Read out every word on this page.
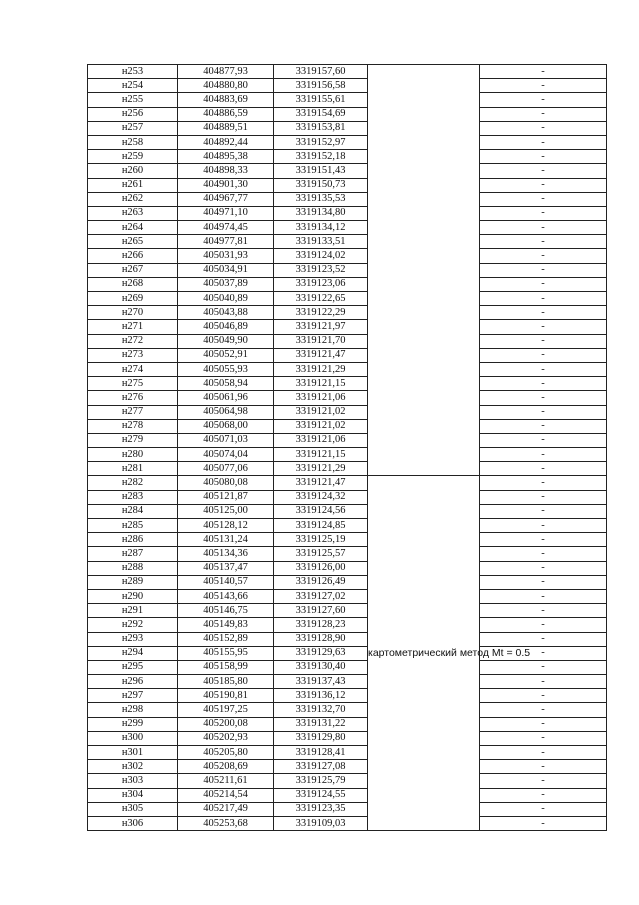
н253	404877,93	3319157,60		-
н254	404880,80	3319156,58		-
н255	404883,69	3319155,61		-
н256	404886,59	3319154,69		-
н257	404889,51	3319153,81		-
н258	404892,44	3319152,97		-
н259	404895,38	3319152,18		-
н260	404898,33	3319151,43		-
н261	404901,30	3319150,73		-
н262	404967,77	3319135,53		-
н263	404971,10	3319134,80		-
н264	404974,45	3319134,12		-
н265	404977,81	3319133,51		-
н266	405031,93	3319124,02		-
н267	405034,91	3319123,52		-
н268	405037,89	3319123,06		-
н269	405040,89	3319122,65		-
н270	405043,88	3319122,29		-
н271	405046,89	3319121,97		-
н272	405049,90	3319121,70		-
н273	405052,91	3319121,47		-
н274	405055,93	3319121,29		-
н275	405058,94	3319121,15		-
н276	405061,96	3319121,06		-
н277	405064,98	3319121,02		-
н278	405068,00	3319121,02		-
н279	405071,03	3319121,06		-
н280	405074,04	3319121,15		-
н281	405077,06	3319121,29		-
н282	405080,08	3319121,47	картометрический метод Mt = 0.5	-
н283	405121,87	3319124,32		-
н284	405125,00	3319124,56		-
н285	405128,12	3319124,85		-
н286	405131,24	3319125,19		-
н287	405134,36	3319125,57		-
н288	405137,47	3319126,00		-
н289	405140,57	3319126,49		-
н290	405143,66	3319127,02		-
н291	405146,75	3319127,60		-
н292	405149,83	3319128,23		-
н293	405152,89	3319128,90		-
н294	405155,95	3319129,63		-
н295	405158,99	3319130,40		-
н296	405185,80	3319137,43		-
н297	405190,81	3319136,12		-
н298	405197,25	3319132,70		-
н299	405200,08	3319131,22		-
н300	405202,93	3319129,80		-
н301	405205,80	3319128,41		-
н302	405208,69	3319127,08		-
н303	405211,61	3319125,79		-
н304	405214,54	3319124,55		-
н305	405217,49	3319123,35		-
н306	405253,68	3319109,03		-
